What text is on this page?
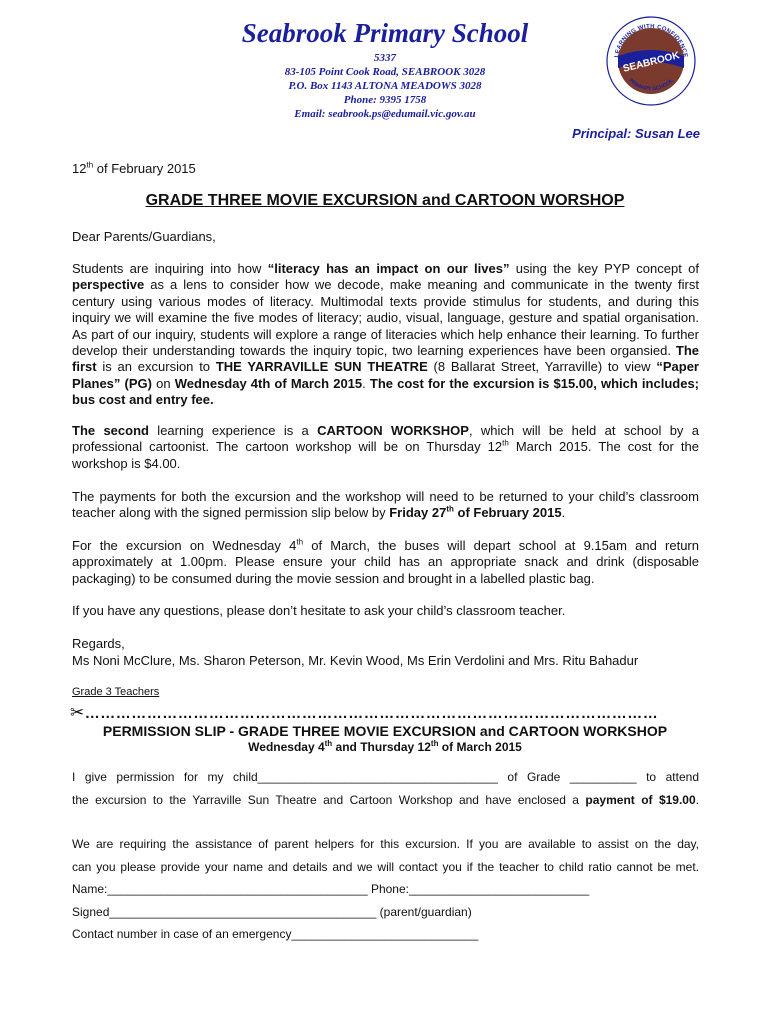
Seabrook Primary School
5337
83-105 Point Cook Road, SEABROOK 3028
P.O. Box 1143 ALTONA MEADOWS 3028
Phone: 9395 1758
Email: seabrook.ps@edumail.vic.gov.au
LEARNING WITH CONFIDENCE
SEABROOK
PRIMARY SCHOOL
Principal: Susan Lee
12th of February 2015
GRADE THREE MOVIE EXCURSION and CARTOON WORSHOP
Dear Parents/Guardians,
Students are inquiring into how “literacy has an impact on our lives” using the key PYP concept of perspective as a lens to consider how we decode, make meaning and communicate in the twenty first century using various modes of literacy. Multimodal texts provide stimulus for students, and during this inquiry we will examine the five modes of literacy; audio, visual, language, gesture and spatial organisation. As part of our inquiry, students will explore a range of literacies which help enhance their learning. To further develop their understanding towards the inquiry topic, two learning experiences have been organsied. The first is an excursion to THE YARRAVILLE SUN THEATRE (8 Ballarat Street, Yarraville) to view “Paper Planes” (PG) on Wednesday 4th of March 2015. The cost for the excursion is $15.00, which includes; bus cost and entry fee.
The second learning experience is a CARTOON WORKSHOP, which will be held at school by a professional cartoonist. The cartoon workshop will be on Thursday 12th March 2015. The cost for the workshop is $4.00.
The payments for both the excursion and the workshop will need to be returned to your child’s classroom teacher along with the signed permission slip below by Friday 27th of February 2015.
For the excursion on Wednesday 4th of March, the buses will depart school at 9.15am and return approximately at 1.00pm. Please ensure your child has an appropriate snack and drink (disposable packaging) to be consumed during the movie session and brought in a labelled plastic bag.
If you have any questions, please don’t hesitate to ask your child’s classroom teacher.
Regards,
Ms Noni McClure, Ms. Sharon Peterson, Mr. Kevin Wood, Ms Erin Verdolini and Mrs. Ritu Bahadur
Grade 3 Teachers
✂…………………………………………………………………………………………………
PERMISSION SLIP - GRADE THREE MOVIE EXCURSION and CARTOON WORKSHOP
Wednesday 4th and Thursday 12th of March 2015
I give permission for my child____________________________________ of Grade __________ to attend
the excursion to the Yarraville Sun Theatre and Cartoon Workshop and have enclosed a payment of $19.00.
We are requiring the assistance of parent helpers for this excursion. If you are available to assist on the day,
can you please provide your name and details and we will contact you if the teacher to child ratio cannot be met.
Name:_______________________________________ Phone:___________________________
Signed________________________________________ (parent/guardian)
Contact number in case of an emergency____________________________
